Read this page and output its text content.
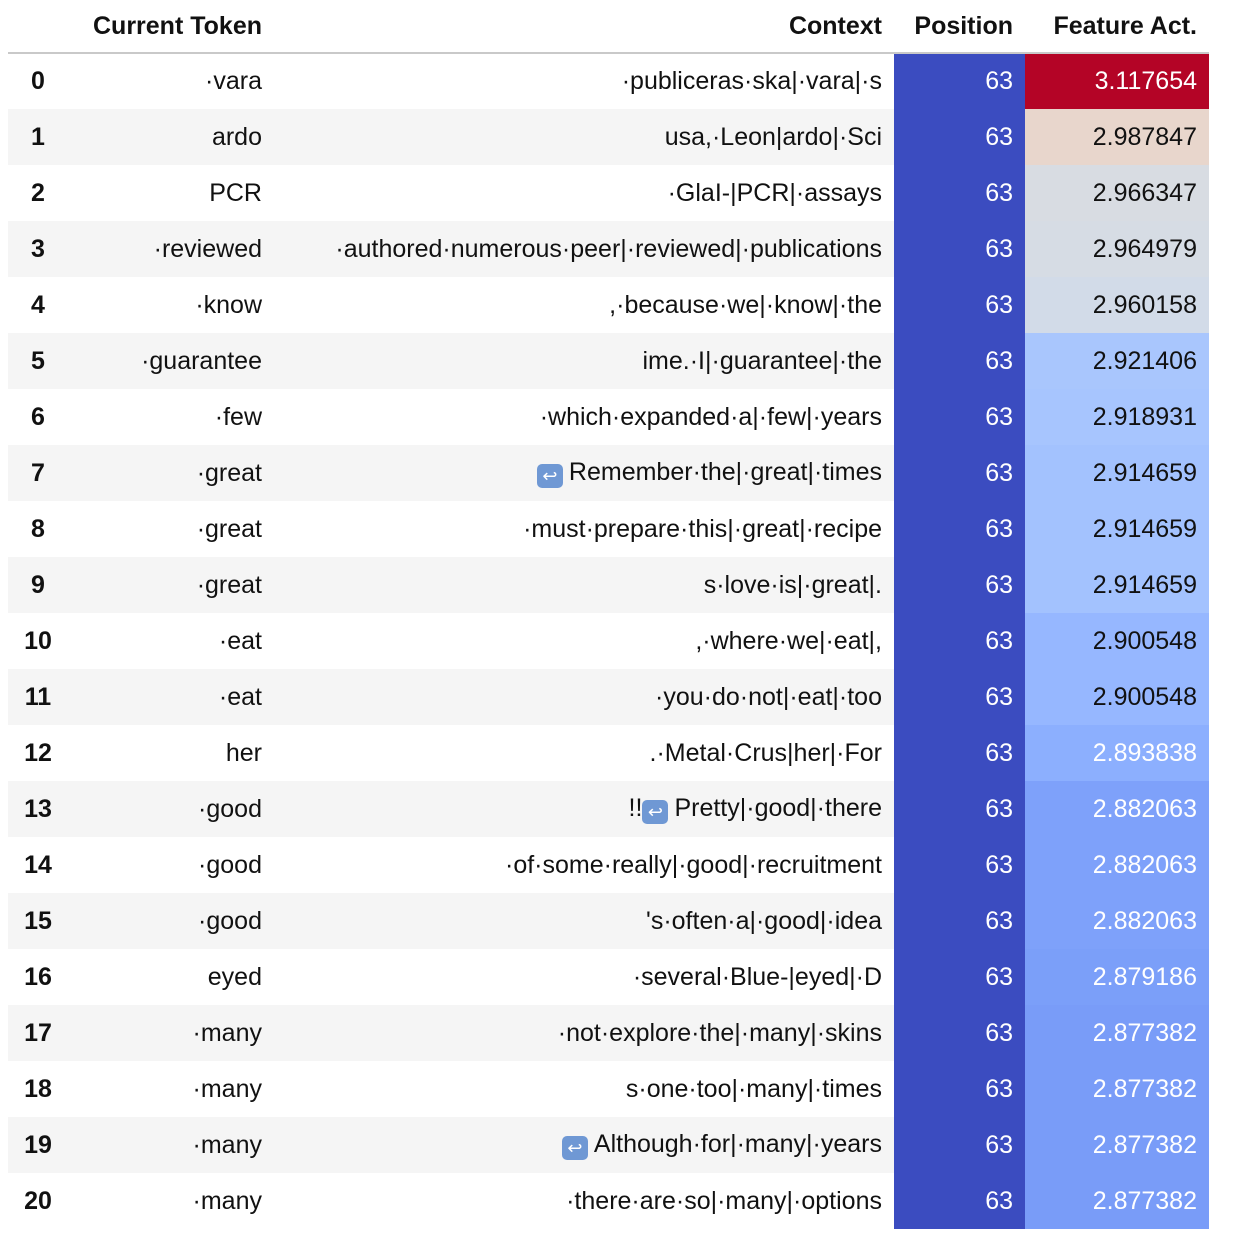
	Current Token	Context	Position	Feature Act.
0	·vara	·publiceras·ska|·vara|·s	63	3.117654
1	ardo	usa,·Leon|ardo|·Sci	63	2.987847
2	PCR	·GlaI-|PCR|·assays	63	2.966347
3	·reviewed	·authored·numerous·peer|·reviewed|·publications	63	2.964979
4	·know	,·because·we|·know|·the	63	2.960158
5	·guarantee	ime.·I|·guarantee|·the	63	2.921406
6	·few	·which·expanded·a|·few|·years	63	2.918931
7	·great	↩ Remember·the|·great|·times	63	2.914659
8	·great	·must·prepare·this|·great|·recipe	63	2.914659
9	·great	s·love·is|·great|.	63	2.914659
10	·eat	,·where·we|·eat|,	63	2.900548
11	·eat	·you·do·not|·eat|·too	63	2.900548
12	her	.·Metal·Crus|her|·For	63	2.893838
13	·good	!! ↩ Pretty|·good|·there	63	2.882063
14	·good	·of·some·really|·good|·recruitment	63	2.882063
15	·good	's·often·a|·good|·idea	63	2.882063
16	eyed	·several·Blue-|eyed|·D	63	2.879186
17	·many	·not·explore·the|·many|·skins	63	2.877382
18	·many	s·one·too|·many|·times	63	2.877382
19	·many	↩ Although·for|·many|·years	63	2.877382
20	·many	·there·are·so|·many|·options	63	2.877382
